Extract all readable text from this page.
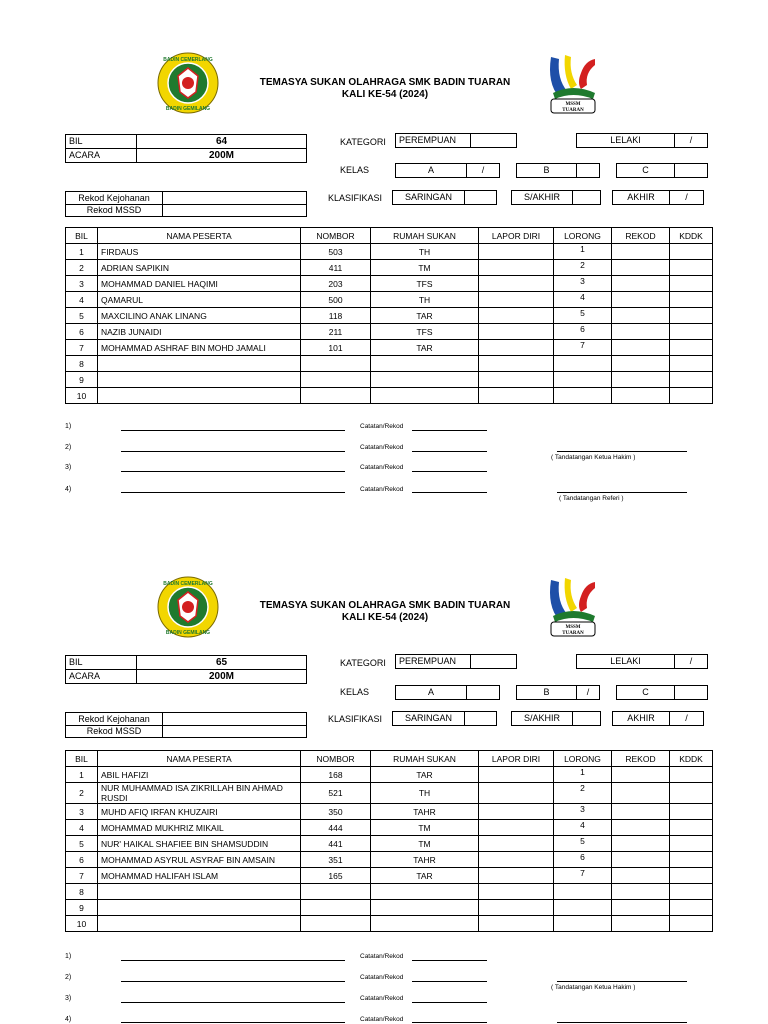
BADIN CEMERLANG
BADIN GEMILANG
TEMASYA SUKAN OLAHRAGA SMK BADIN TUARAN
KALI KE-54 (2024)
MSSM
TUARAN
BIL	64
ACARA	200M
KATEGORI	PEREMPUAN	LELAKI	/
KELAS	A	/	B	C
Rekod Kejohanan
Rekod MSSD
KLASIFIKASI	SARINGAN	S/AKHIR	AKHIR	/
BIL	NAMA PESERTA	NOMBOR	RUMAH SUKAN	LAPOR DIRI	LORONG	REKOD	KDDK
1	FIRDAUS	503	TH		1		
2	ADRIAN SAPIKIN	411	TM		2		
3	MOHAMMAD DANIEL HAQIMI	203	TFS		3		
4	QAMARUL	500	TH		4		
5	MAXCILINO ANAK LINANG	118	TAR		5		
6	NAZIB JUNAIDI	211	TFS		6		
7	MOHAMMAD ASHRAF BIN MOHD JAMALI	101	TAR		7		
8							
9							
10							
1)	Catatan/Rekod
2)	Catatan/Rekod
( Tandatangan Ketua Hakim )
3)	Catatan/Rekod
4)	Catatan/Rekod
( Tandatangan Referi )
BADIN CEMERLANG
BADIN GEMILANG
TEMASYA SUKAN OLAHRAGA SMK BADIN TUARAN
KALI KE-54 (2024)
MSSM
TUARAN
BIL	65
ACARA	200M
KATEGORI	PEREMPUAN	LELAKI	/
KELAS	A	B	/	C
Rekod Kejohanan
Rekod MSSD
KLASIFIKASI	SARINGAN	S/AKHIR	AKHIR	/
BIL	NAMA PESERTA	NOMBOR	RUMAH SUKAN	LAPOR DIRI	LORONG	REKOD	KDDK
1	ABIL HAFIZI	168	TAR		1		
2	NUR MUHAMMAD ISA ZIKRILLAH BIN AHMAD RUSDI	521	TH		2		
3	MUHD AFIQ IRFAN KHUZAIRI	350	TAHR		3		
4	MOHAMMAD MUKHRIZ MIKAIL	444	TM		4		
5	NUR' HAIKAL SHAFIEE BIN SHAMSUDDIN	441	TM		5		
6	MOHAMMAD ASYRUL ASYRAF BIN AMSAIN	351	TAHR		6		
7	MOHAMMAD HALIFAH ISLAM	165	TAR		7		
8							
9							
10							
1)	Catatan/Rekod
2)	Catatan/Rekod
( Tandatangan Ketua Hakim )
3)	Catatan/Rekod
4)	Catatan/Rekod
